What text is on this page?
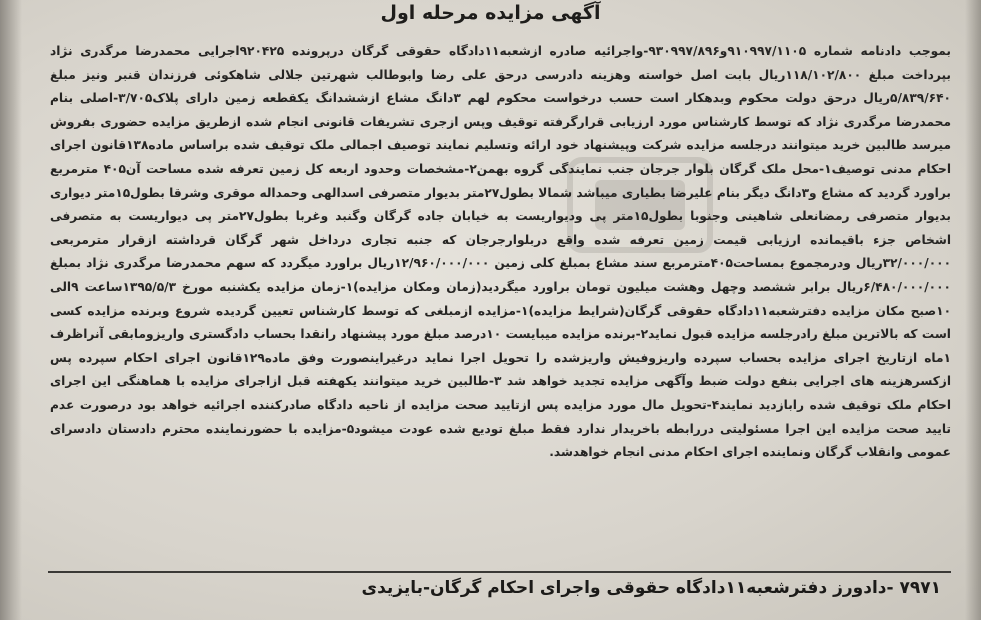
آگهی مزایده مرحله اول
بموجب دادنامه شماره ۹۱۰۹۹۷/۱۱۰۵و۹۳۰۹۹۷/۸۹۶-واجرائیه صادره ازشعبه۱۱دادگاه حقوقی گرگان درپرونده ۹۲۰۴۲۵اجرایی محمدرضا مرگدری نژاد بپرداخت مبلغ ۱۱۸/۱۰۲/۸۰۰ریال بابت اصل خواسته وهزینه دادرسی درحق علی رضا وابوطالب شهرتین جلالی شاهکوئی فرزندان قنبر ونیز مبلغ ۵/۸۳۹/۶۴۰ریال درحق دولت محکوم وبدهکار است حسب درخواست محکوم لهم ۳دانگ مشاع ازششدانگ یکقطعه زمین دارای پلاک۳/۷۰۵-اصلی بنام محمدرضا مرگدری نژاد که توسط کارشناس مورد ارزیابی قرارگرفته توقیف وپس ازجری تشریفات قانونی انجام شده ازطریق مزایده حضوری بفروش میرسد طالبین خرید میتوانند درجلسه مزایده شرکت وپیشنهاد خود ارائه وتسلیم نمایند توصیف اجمالی ملک توقیف شده براساس ماده۱۳۸قانون اجرای احکام مدنی توصیف۱-محل ملک گرگان بلوار جرجان جنب نمایندگی گروه بهمن۲-مشخصات وحدود اربعه کل زمین تعرفه شده مساحت آن۴۰۵ مترمربع براورد گردید که مشاع و۳دانگ دیگر بنام علیرضا بطیاری میباشد شمالا بطول۲۷متر بدیوار متصرفی اسدالهی وحمداله موقری وشرقا بطول۱۵متر دیواری بدیوار متصرفی رمضانعلی شاهینی وجنوبا بطول۱۵متر پی ودیواریست به خیابان جاده گرگان وگنبد وغربا بطول۲۷متر پی دیواریست به متصرفی اشخاص جزء باقیمانده ارزیابی قیمت زمین تعرفه شده واقع دربلوارجرجان که جنبه تجاری درداخل شهر گرگان قرداشته ازقرار مترمربعی ۳۲/۰۰۰/۰۰۰ریال ودرمجموع بمساحت۴۰۵مترمربع سند مشاع بمبلغ کلی زمین ۱۲/۹۶۰/۰۰۰/۰۰۰ریال براورد میگردد که سهم محمدرضا مرگدری نژاد بمبلغ ۶/۴۸۰/۰۰۰/۰۰۰ریال برابر ششصد وچهل وهشت میلیون تومان براورد میگردید(زمان ومکان مزایده)۱-زمان مزایده یکشنبه مورخ ۱۳۹۵/۵/۳ساعت ۹الی ۱۰صبح مکان مزایده دفترشعبه۱۱دادگاه حقوقی گرگان(شرایط مزایده)۱-مزایده ازمبلغی که توسط کارشناس تعیین گردیده شروع وبرنده مزایده کسی است که بالاترین مبلغ رادرجلسه مزایده قبول نماید۲-برنده مزایده میبایست ۱۰درصد مبلغ مورد پیشنهاد رانقدا بحساب دادگستری واریزومابقی آنراظرف ۱ماه ازتاریخ اجرای مزایده بحساب سپرده واریزوفیش واریزشده را تحویل اجرا نماید درغیراینصورت وفق ماده۱۲۹قانون اجرای احکام سپرده پس ازکسرهزینه های اجرایی بنفع دولت ضبط وآگهی مزایده تجدید خواهد شد ۳-طالبین خرید میتوانند یکهفته قبل ازاجرای مزایده با هماهنگی این اجرای احکام ملک توقیف شده رابازدید نمایند۴-تحویل مال مورد مزایده پس ازتایید صحت مزایده از ناحیه دادگاه صادرکننده اجرائیه خواهد بود درصورت عدم تایید صحت مزایده این اجرا مسئولیتی دررابطه باخریدار ندارد فقط مبلغ تودیع شده عودت میشود۵-مزایده با حضورنماینده محترم دادستان دادسرای عمومی وانقلاب گرگان ونماینده اجرای احکام مدنی انجام خواهدشد.
۷۹۷۱ -دادورز دفترشعبه۱۱دادگاه حقوقی واجرای احکام گرگان-بایزیدی
